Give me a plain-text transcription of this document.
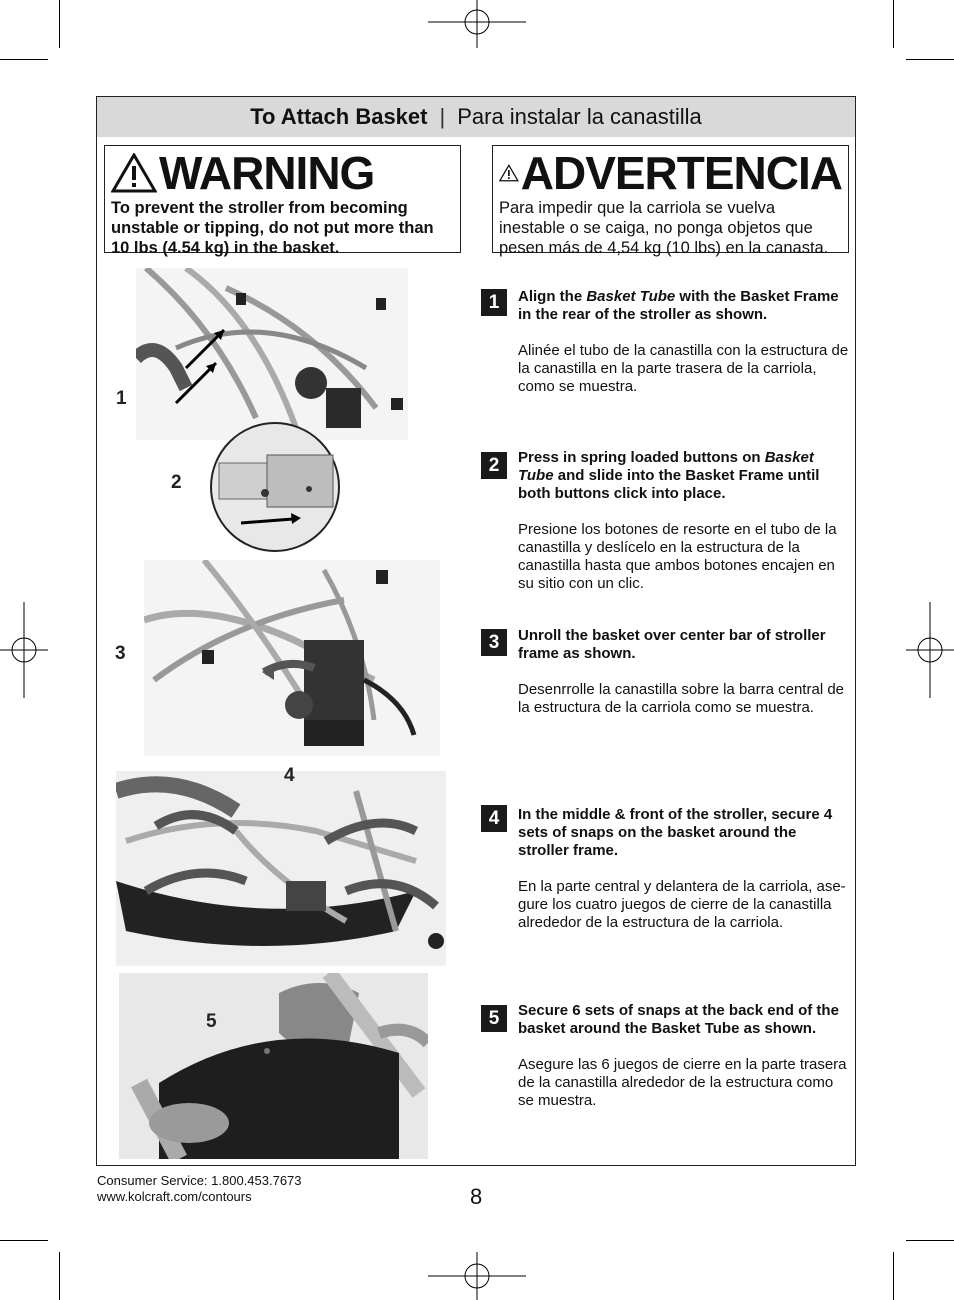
To Attach Basket | Para instalar la canastilla
WARNING
To prevent the stroller from becoming unstable or tipping, do not put more than 10 lbs (4.54 kg) in the basket.
ADVERTENCIA
Para impedir que la carriola se vuelva inestable o se caiga, no ponga objetos que pesen más de 4,54 kg (10 lbs) en la canasta.
1
2
3
4
5
1	Align the Basket Tube with the Basket Frame in the rear of the stroller as shown.
Alinée el tubo de la canastilla con la estructura de la canastilla en la parte trasera de la carriola, como se muestra.
2	Press in spring loaded buttons on Basket Tube and slide into the Basket Frame until both buttons click into place.
Presione los botones de resorte en el tubo de la canastilla y deslícelo en la estructura de la canastilla hasta que ambos botones encajen en su sitio con un clic.
3	Unroll the basket over center bar of stroller frame as shown.
Desenrrolle la canastilla sobre la barra central de la estructura de la carriola como se muestra.
4	In the middle & front of the stroller, secure 4 sets of snaps on the basket around the stroller frame.
En la parte central y delantera de la carriola, ase-gure los cuatro juegos de cierre de la canastilla alrededor de la estructura de la carriola.
5	Secure 6 sets of snaps at the back end of the basket around the Basket Tube as shown.
Asegure las 6 juegos de cierre en la parte trasera de la canastilla alrededor de la estructura como se muestra.
Consumer Service: 1.800.453.7673
www.kolcraft.com/contours	8
